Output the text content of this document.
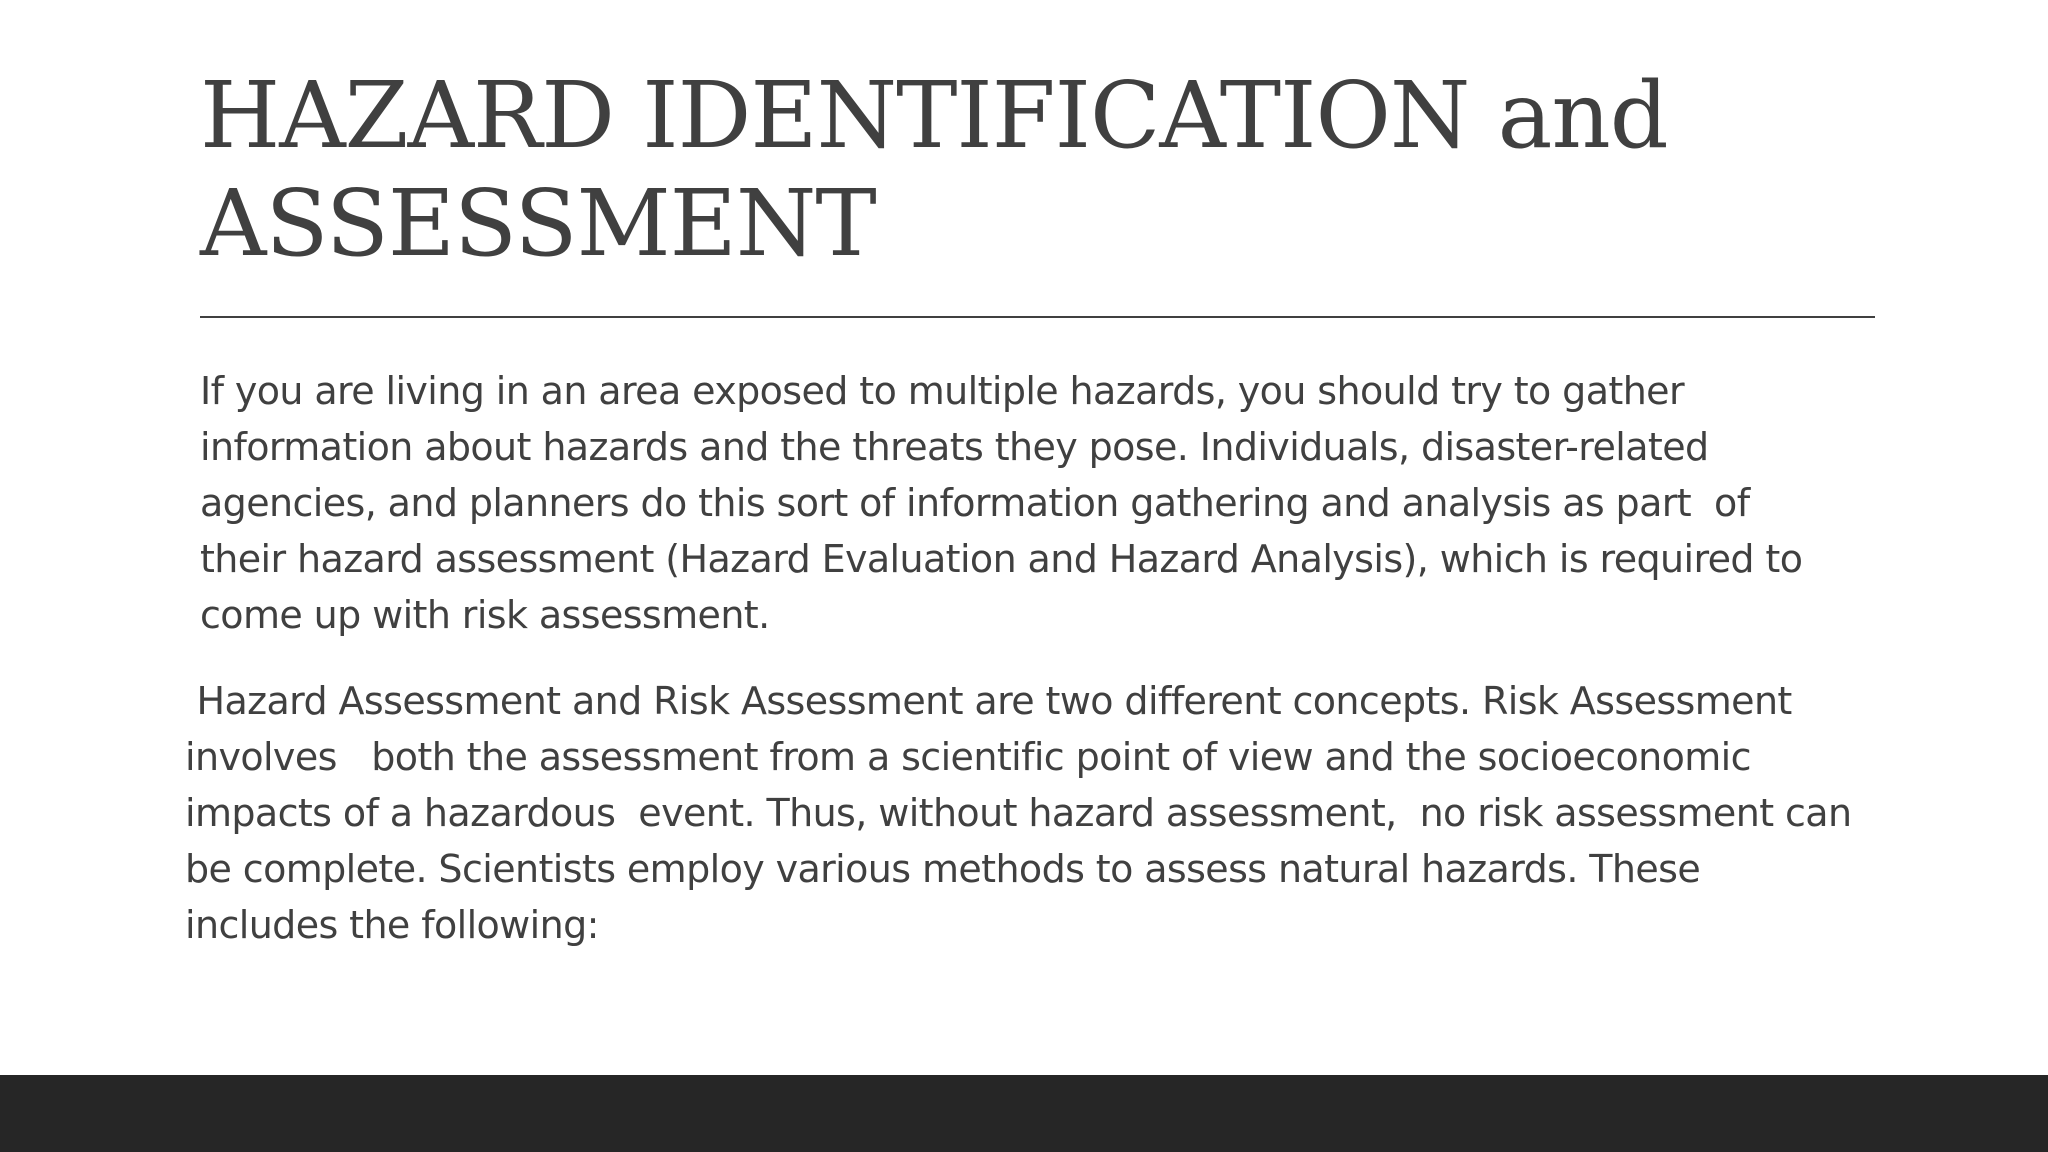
HAZARD IDENTIFICATION and
ASSESSMENT

If you are living in an area exposed to multiple hazards, you should try to gather
information about hazards and the threats they pose. Individuals, disaster-related
agencies, and planners do this sort of information gathering and analysis as part  of
their hazard assessment (Hazard Evaluation and Hazard Analysis), which is required to
come up with risk assessment.

Hazard Assessment and Risk Assessment are two different concepts. Risk Assessment
involves   both the assessment from a scientific point of view and the socioeconomic
impacts of a hazardous  event. Thus, without hazard assessment,  no risk assessment can
be complete. Scientists employ various methods to assess natural hazards. These
includes the following:
